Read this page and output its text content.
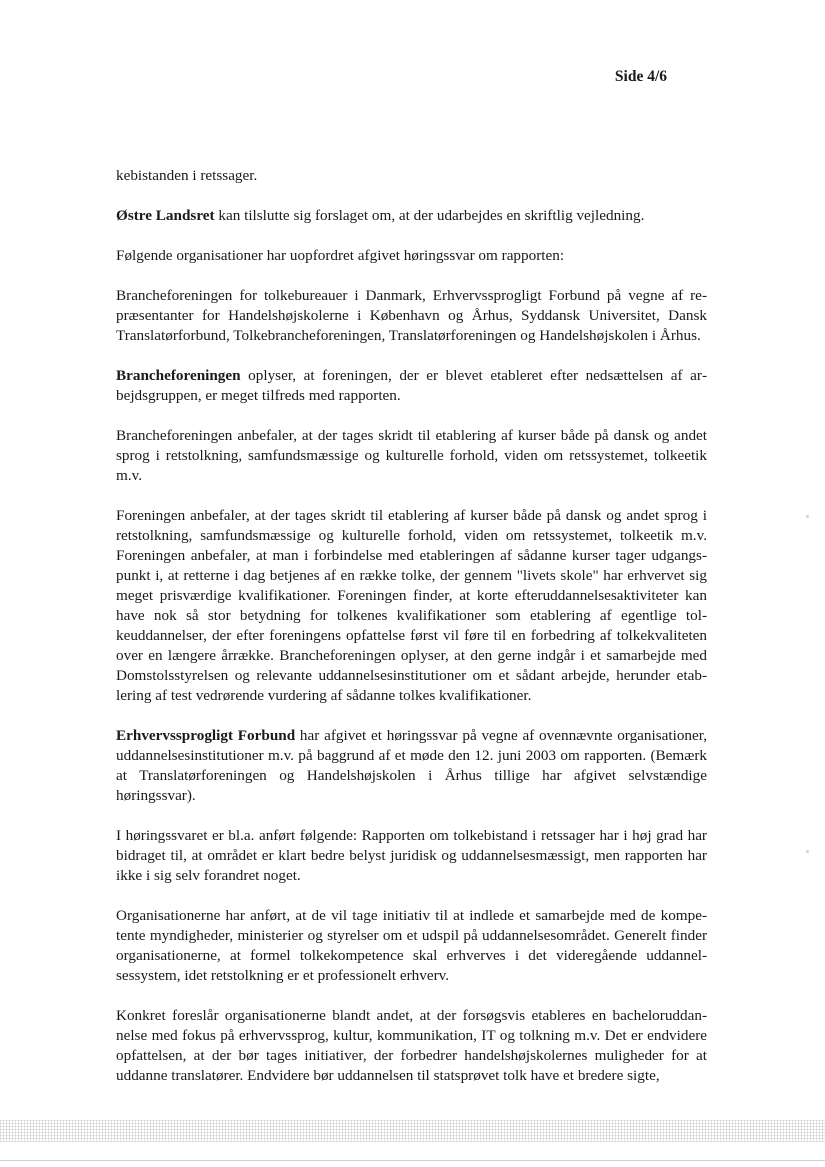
Side 4/6

kebistanden i retssager.

Østre Landsret kan tilslutte sig forslaget om, at der udarbejdes en skriftlig vejledning.

Følgende organisationer har uopfordret afgivet høringssvar om rapporten:

Brancheforeningen for tolkebureauer i Danmark, Erhvervssprogligt Forbund på vegne af repræsentanter for Handelshøjskolerne i København og Århus, Syddansk Universitet, Dansk Translatørforbund, Tolkebrancheforeningen, Translatørforeningen og Handelshøjskolen i Århus.

Brancheforeningen oplyser, at foreningen, der er blevet etableret efter nedsættelsen af arbejdsgruppen, er meget tilfreds med rapporten.

Brancheforeningen anbefaler, at der tages skridt til etablering af kurser både på dansk og andet sprog i retstolkning, samfundsmæssige og kulturelle forhold, viden om retssystemet, tolkeetik m.v.

Foreningen anbefaler, at der tages skridt til etablering af kurser både på dansk og andet sprog i retstolkning, samfundsmæssige og kulturelle forhold, viden om retssystemet, tolkeetik m.v. Foreningen anbefaler, at man i forbindelse med etableringen af sådanne kurser tager udgangspunkt i, at retterne i dag betjenes af en række tolke, der gennem "livets skole" har erhvervet sig meget prisværdige kvalifikationer. Foreningen finder, at korte efteruddannelsesaktiviteter kan have nok så stor betydning for tolkenes kvalifikationer som etablering af egentlige tolkeuddannelser, der efter foreningens opfattelse først vil føre til en forbedring af tolkekvaliteten over en længere årrække. Brancheforeningen oplyser, at den gerne indgår i et samarbejde med Domstolsstyrelsen og relevante uddannelsesinstitutioner om et sådant arbejde, herunder etablering af test vedrørende vurdering af sådanne tolkes kvalifikationer.

Erhvervssprogligt Forbund har afgivet et høringssvar på vegne af ovennævnte organisationer, uddannelsesinstitutioner m.v. på baggrund af et møde den 12. juni 2003 om rapporten. (Bemærk at Translatørforeningen og Handelshøjskolen i Århus tillige har afgivet selvstændige høringssvar).

I høringssvaret er bl.a. anført følgende: Rapporten om tolkebistand i retssager har i høj grad har bidraget til, at området er klart bedre belyst juridisk og uddannelsesmæssigt, men rapporten har ikke i sig selv forandret noget.

Organisationerne har anført, at de vil tage initiativ til at indlede et samarbejde med de kompetente myndigheder, ministerier og styrelser om et udspil på uddannelsesområdet. Generelt finder organisationerne, at formel tolkekompetence skal erhverves i det videregående uddannelsessystem, idet retstolkning er et professionelt erhverv.

Konkret foreslår organisationerne blandt andet, at der forsøgsvis etableres en bacheloruddannelse med fokus på erhvervssprog, kultur, kommunikation, IT og tolkning m.v. Det er endvidere opfattelsen, at der bør tages initiativer, der forbedrer handelshøjskolernes muligheder for at uddanne translatører. Endvidere bør uddannelsen til statsprøvet tolk have et bredere sigte,
